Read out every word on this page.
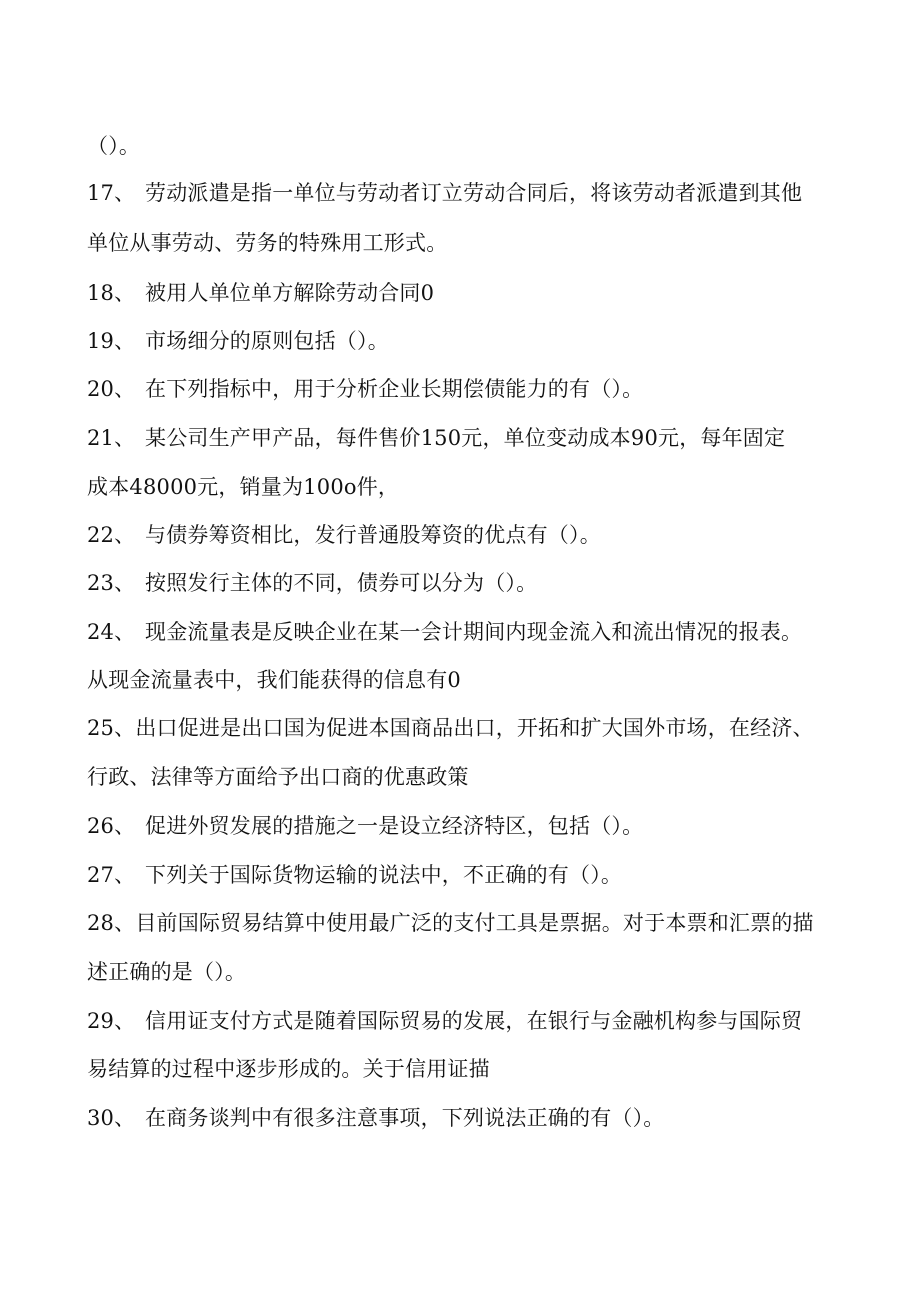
（）。
17、 劳动派遣是指一单位与劳动者订立劳动合同后，将该劳动者派遣到其他
单位从事劳动、劳务的特殊用工形式。
18、 被用人单位单方解除劳动合同0
19、 市场细分的原则包括（）。
20、 在下列指标中，用于分析企业长期偿债能力的有（）。
21、 某公司生产甲产品，每件售价150元，单位变动成本90元，每年固定
成本48000元，销量为100o件，
22、 与债券筹资相比，发行普通股筹资的优点有（）。
23、 按照发行主体的不同，债券可以分为（）。
24、 现金流量表是反映企业在某一会计期间内现金流入和流出情况的报表。
从现金流量表中，我们能获得的信息有0
25、出口促进是出口国为促进本国商品出口，开拓和扩大国外市场，在经济、
行政、法律等方面给予出口商的优惠政策
26、 促进外贸发展的措施之一是设立经济特区，包括（）。
27、 下列关于国际货物运输的说法中，不正确的有（）。
28、目前国际贸易结算中使用最广泛的支付工具是票据。对于本票和汇票的描
述正确的是（）。
29、 信用证支付方式是随着国际贸易的发展，在银行与金融机构参与国际贸
易结算的过程中逐步形成的。关于信用证描
30、 在商务谈判中有很多注意事项，下列说法正确的有（）。
